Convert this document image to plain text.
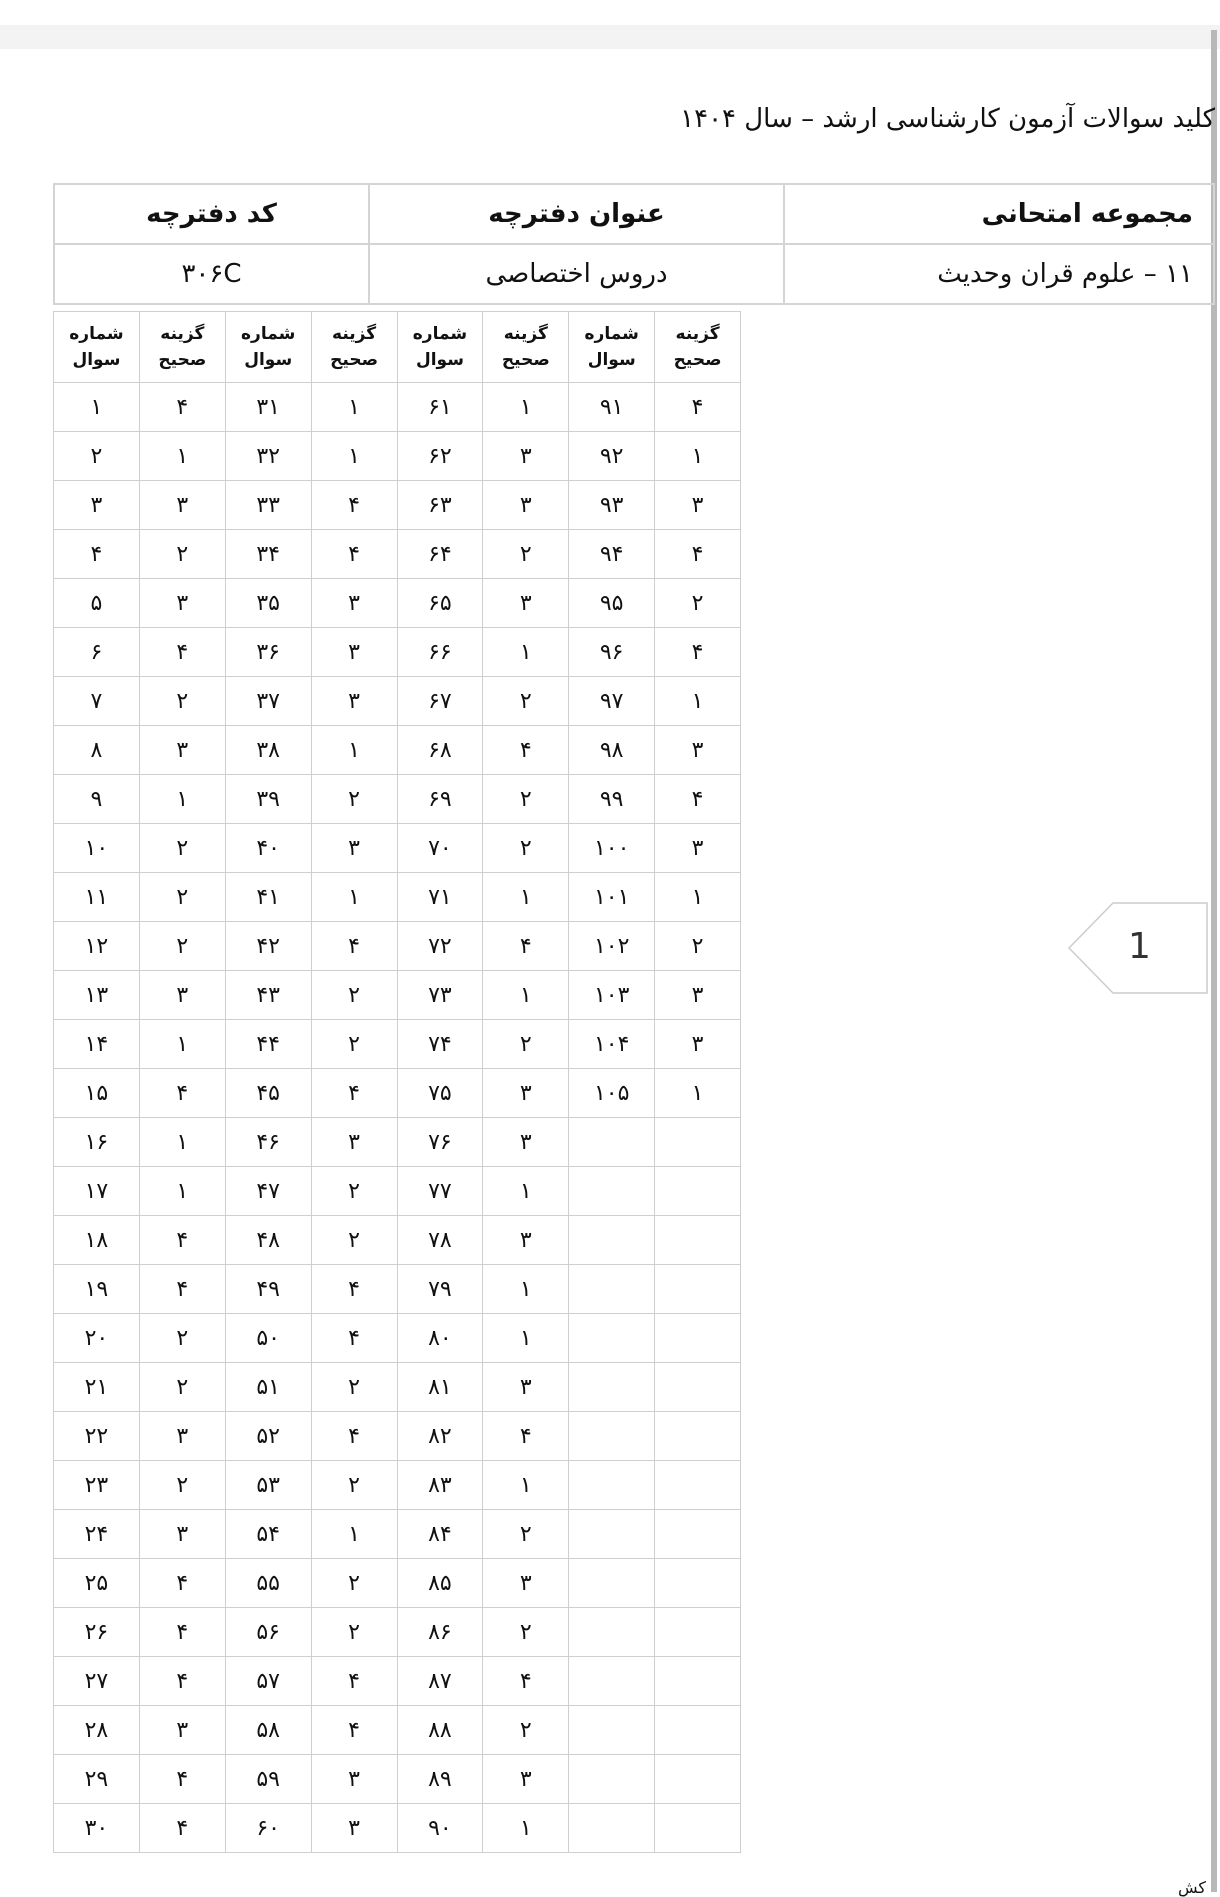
کلید سوالات آزمون کارشناسی ارشد – سال ۱۴۰۴
مجموعه امتحانی	عنوان دفترچه	کد دفترچه
۱۱ – علوم قران وحدیث	دروس اختصاصی	۳۰۶C
شماره سوال	گزینه صحیح	شماره سوال	گزینه صحیح	شماره سوال	گزینه صحیح	شماره سوال	گزینه صحیح
۱	۴	۳۱	۱	۶۱	۱	۹۱	۴
۲	۱	۳۲	۱	۶۲	۳	۹۲	۱
۳	۳	۳۳	۴	۶۳	۳	۹۳	۳
۴	۲	۳۴	۴	۶۴	۲	۹۴	۴
۵	۳	۳۵	۳	۶۵	۳	۹۵	۲
۶	۴	۳۶	۳	۶۶	۱	۹۶	۴
۷	۲	۳۷	۳	۶۷	۲	۹۷	۱
۸	۳	۳۸	۱	۶۸	۴	۹۸	۳
۹	۱	۳۹	۲	۶۹	۲	۹۹	۴
۱۰	۲	۴۰	۳	۷۰	۲	۱۰۰	۳
۱۱	۲	۴۱	۱	۷۱	۱	۱۰۱	۱
۱۲	۲	۴۲	۴	۷۲	۴	۱۰۲	۲
۱۳	۳	۴۳	۲	۷۳	۱	۱۰۳	۳
۱۴	۱	۴۴	۲	۷۴	۲	۱۰۴	۳
۱۵	۴	۴۵	۴	۷۵	۳	۱۰۵	۱
۱۶	۱	۴۶	۳	۷۶	۳		
۱۷	۱	۴۷	۲	۷۷	۱		
۱۸	۴	۴۸	۲	۷۸	۳		
۱۹	۴	۴۹	۴	۷۹	۱		
۲۰	۲	۵۰	۴	۸۰	۱		
۲۱	۲	۵۱	۲	۸۱	۳		
۲۲	۳	۵۲	۴	۸۲	۴		
۲۳	۲	۵۳	۲	۸۳	۱		
۲۴	۳	۵۴	۱	۸۴	۲		
۲۵	۴	۵۵	۲	۸۵	۳		
۲۶	۴	۵۶	۲	۸۶	۲		
۲۷	۴	۵۷	۴	۸۷	۴		
۲۸	۳	۵۸	۴	۸۸	۲		
۲۹	۴	۵۹	۳	۸۹	۳		
۳۰	۴	۶۰	۳	۹۰	۱		
1
کش
